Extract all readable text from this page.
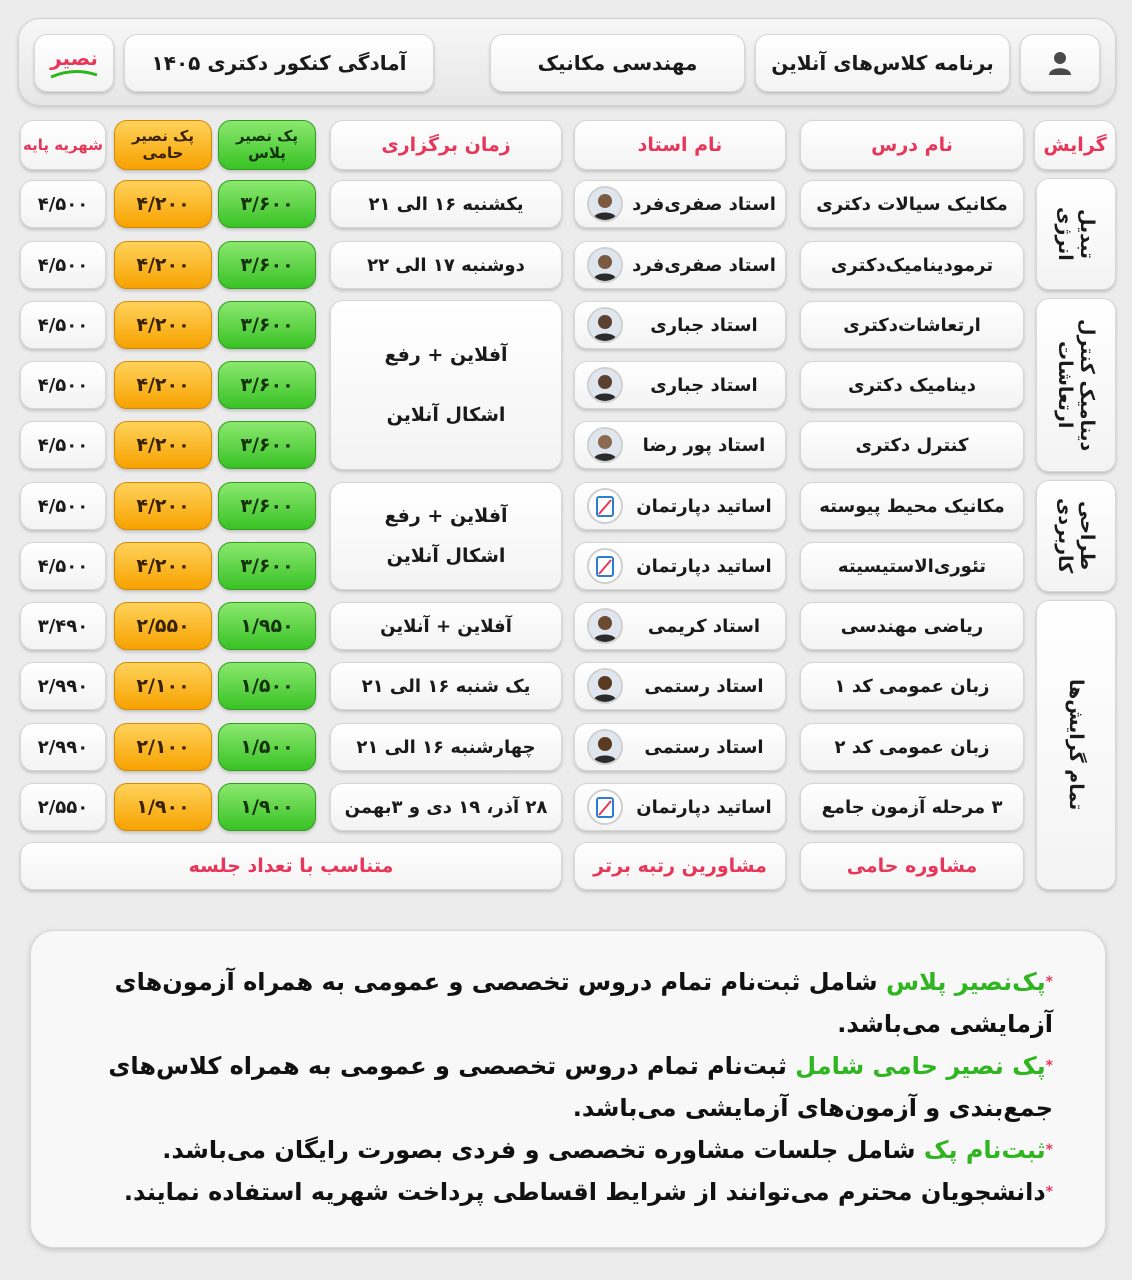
برنامه کلاس‌های آنلاین
مهندسی مکانیک
آمادگی کنکور دکتری ۱۴۰۵
نصیر
گرایش
نام درس
نام استاد
زمان برگزاری
پک نصیر پلاس
پک نصیر حامی
شهریه پایه
تبدیل انرژی
دینامیک کنترل ارتعاشات
طراحی کاربردی
تمام گرایش‌ها
مکانیک سیالات دکتری
استاد صفری‌فرد
یکشنبه ۱۶ الی ۲۱
۳/۶۰۰
۴/۲۰۰
۴/۵۰۰
ترمودینامیک‌دکتری
استاد صفری‌فرد
دوشنبه ۱۷ الی ۲۲
۳/۶۰۰
۴/۲۰۰
۴/۵۰۰
ارتعاشات‌دکتری
استاد جباری
۳/۶۰۰
۴/۲۰۰
۴/۵۰۰
دینامیک دکتری
استاد جباری
۳/۶۰۰
۴/۲۰۰
۴/۵۰۰
کنترل دکتری
استاد پور رضا
۳/۶۰۰
۴/۲۰۰
۴/۵۰۰
مکانیک محیط پیوسته
اساتید دپارتمان
۳/۶۰۰
۴/۲۰۰
۴/۵۰۰
تئوری‌الاستیسیته
اساتید دپارتمان
۳/۶۰۰
۴/۲۰۰
۴/۵۰۰
ریاضی مهندسی
استاد کریمی
آفلاین + آنلاین
۱/۹۵۰
۲/۵۵۰
۳/۴۹۰
زبان عمومی کد ۱
استاد رستمی
یک شنبه ۱۶ الی ۲۱
۱/۵۰۰
۲/۱۰۰
۲/۹۹۰
زبان عمومی کد ۲
استاد رستمی
چهارشنبه ۱۶ الی ۲۱
۱/۵۰۰
۲/۱۰۰
۲/۹۹۰
۳ مرحله آزمون جامع
اساتید دپارتمان
۲۸ آذر، ۱۹ دی و ۳بهمن
۱/۹۰۰
۱/۹۰۰
۲/۵۵۰
آفلاین + رفع
اشکال آنلاین
آفلاین + رفع
اشکال آنلاین
مشاوره حامی
مشاورین رتبه برتر
متناسب با تعداد جلسه

*پک‌نصیر پلاس شامل ثبت‌نام تمام دروس تخصصی و عمومی به همراه آزمون‌های آزمایشی می‌باشد.

*پک نصیر حامی شامل ثبت‌نام تمام دروس تخصصی و عمومی به همراه کلاس‌های جمع‌بندی و آزمون‌های آزمایشی می‌باشد.

*ثبت‌نام پک شامل جلسات مشاوره تخصصی و فردی بصورت رایگان می‌باشد.

*دانشجویان محترم می‌توانند از شرایط اقساطی پرداخت شهریه استفاده نمایند.
